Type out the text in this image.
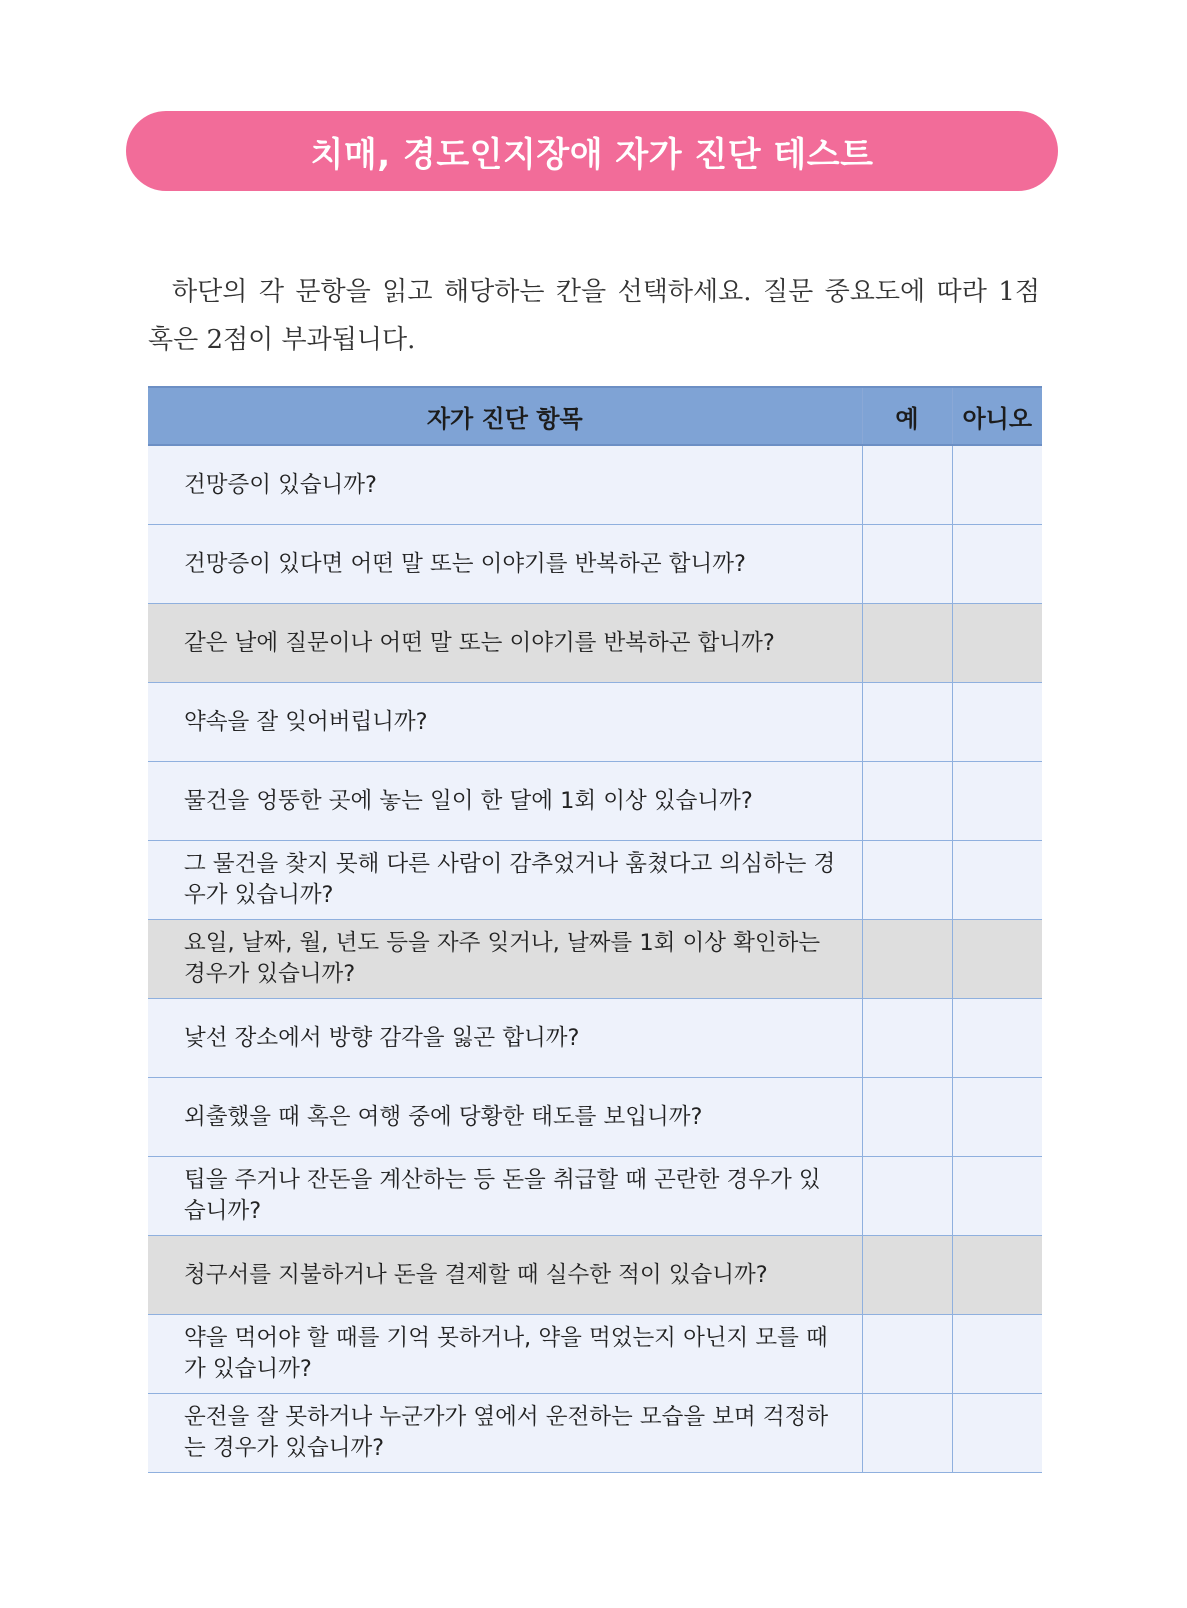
치매, 경도인지장애 자가 진단 테스트

하단의 각 문항을 읽고 해당하는 칸을 선택하세요. 질문 중요도에 따라 1점 혹은 2점이 부과됩니다.

자가 진단 항목	예	아니오
건망증이 있습니까?		
건망증이 있다면 어떤 말 또는 이야기를 반복하곤 합니까?		
같은 날에 질문이나 어떤 말 또는 이야기를 반복하곤 합니까?		
약속을 잘 잊어버립니까?		
물건을 엉뚱한 곳에 놓는 일이 한 달에 1회 이상 있습니까?		
그 물건을 찾지 못해 다른 사람이 감추었거나 훔쳤다고 의심하는 경우가 있습니까?		
요일, 날짜, 월, 년도 등을 자주 잊거나, 날짜를 1회 이상 확인하는 경우가 있습니까?		
낯선 장소에서 방향 감각을 잃곤 합니까?		
외출했을 때 혹은 여행 중에 당황한 태도를 보입니까?		
팁을 주거나 잔돈을 계산하는 등 돈을 취급할 때 곤란한 경우가 있습니까?		
청구서를 지불하거나 돈을 결제할 때 실수한 적이 있습니까?		
약을 먹어야 할 때를 기억 못하거나, 약을 먹었는지 아닌지 모를 때가 있습니까?		
운전을 잘 못하거나 누군가가 옆에서 운전하는 모습을 보며 걱정하는 경우가 있습니까?		
